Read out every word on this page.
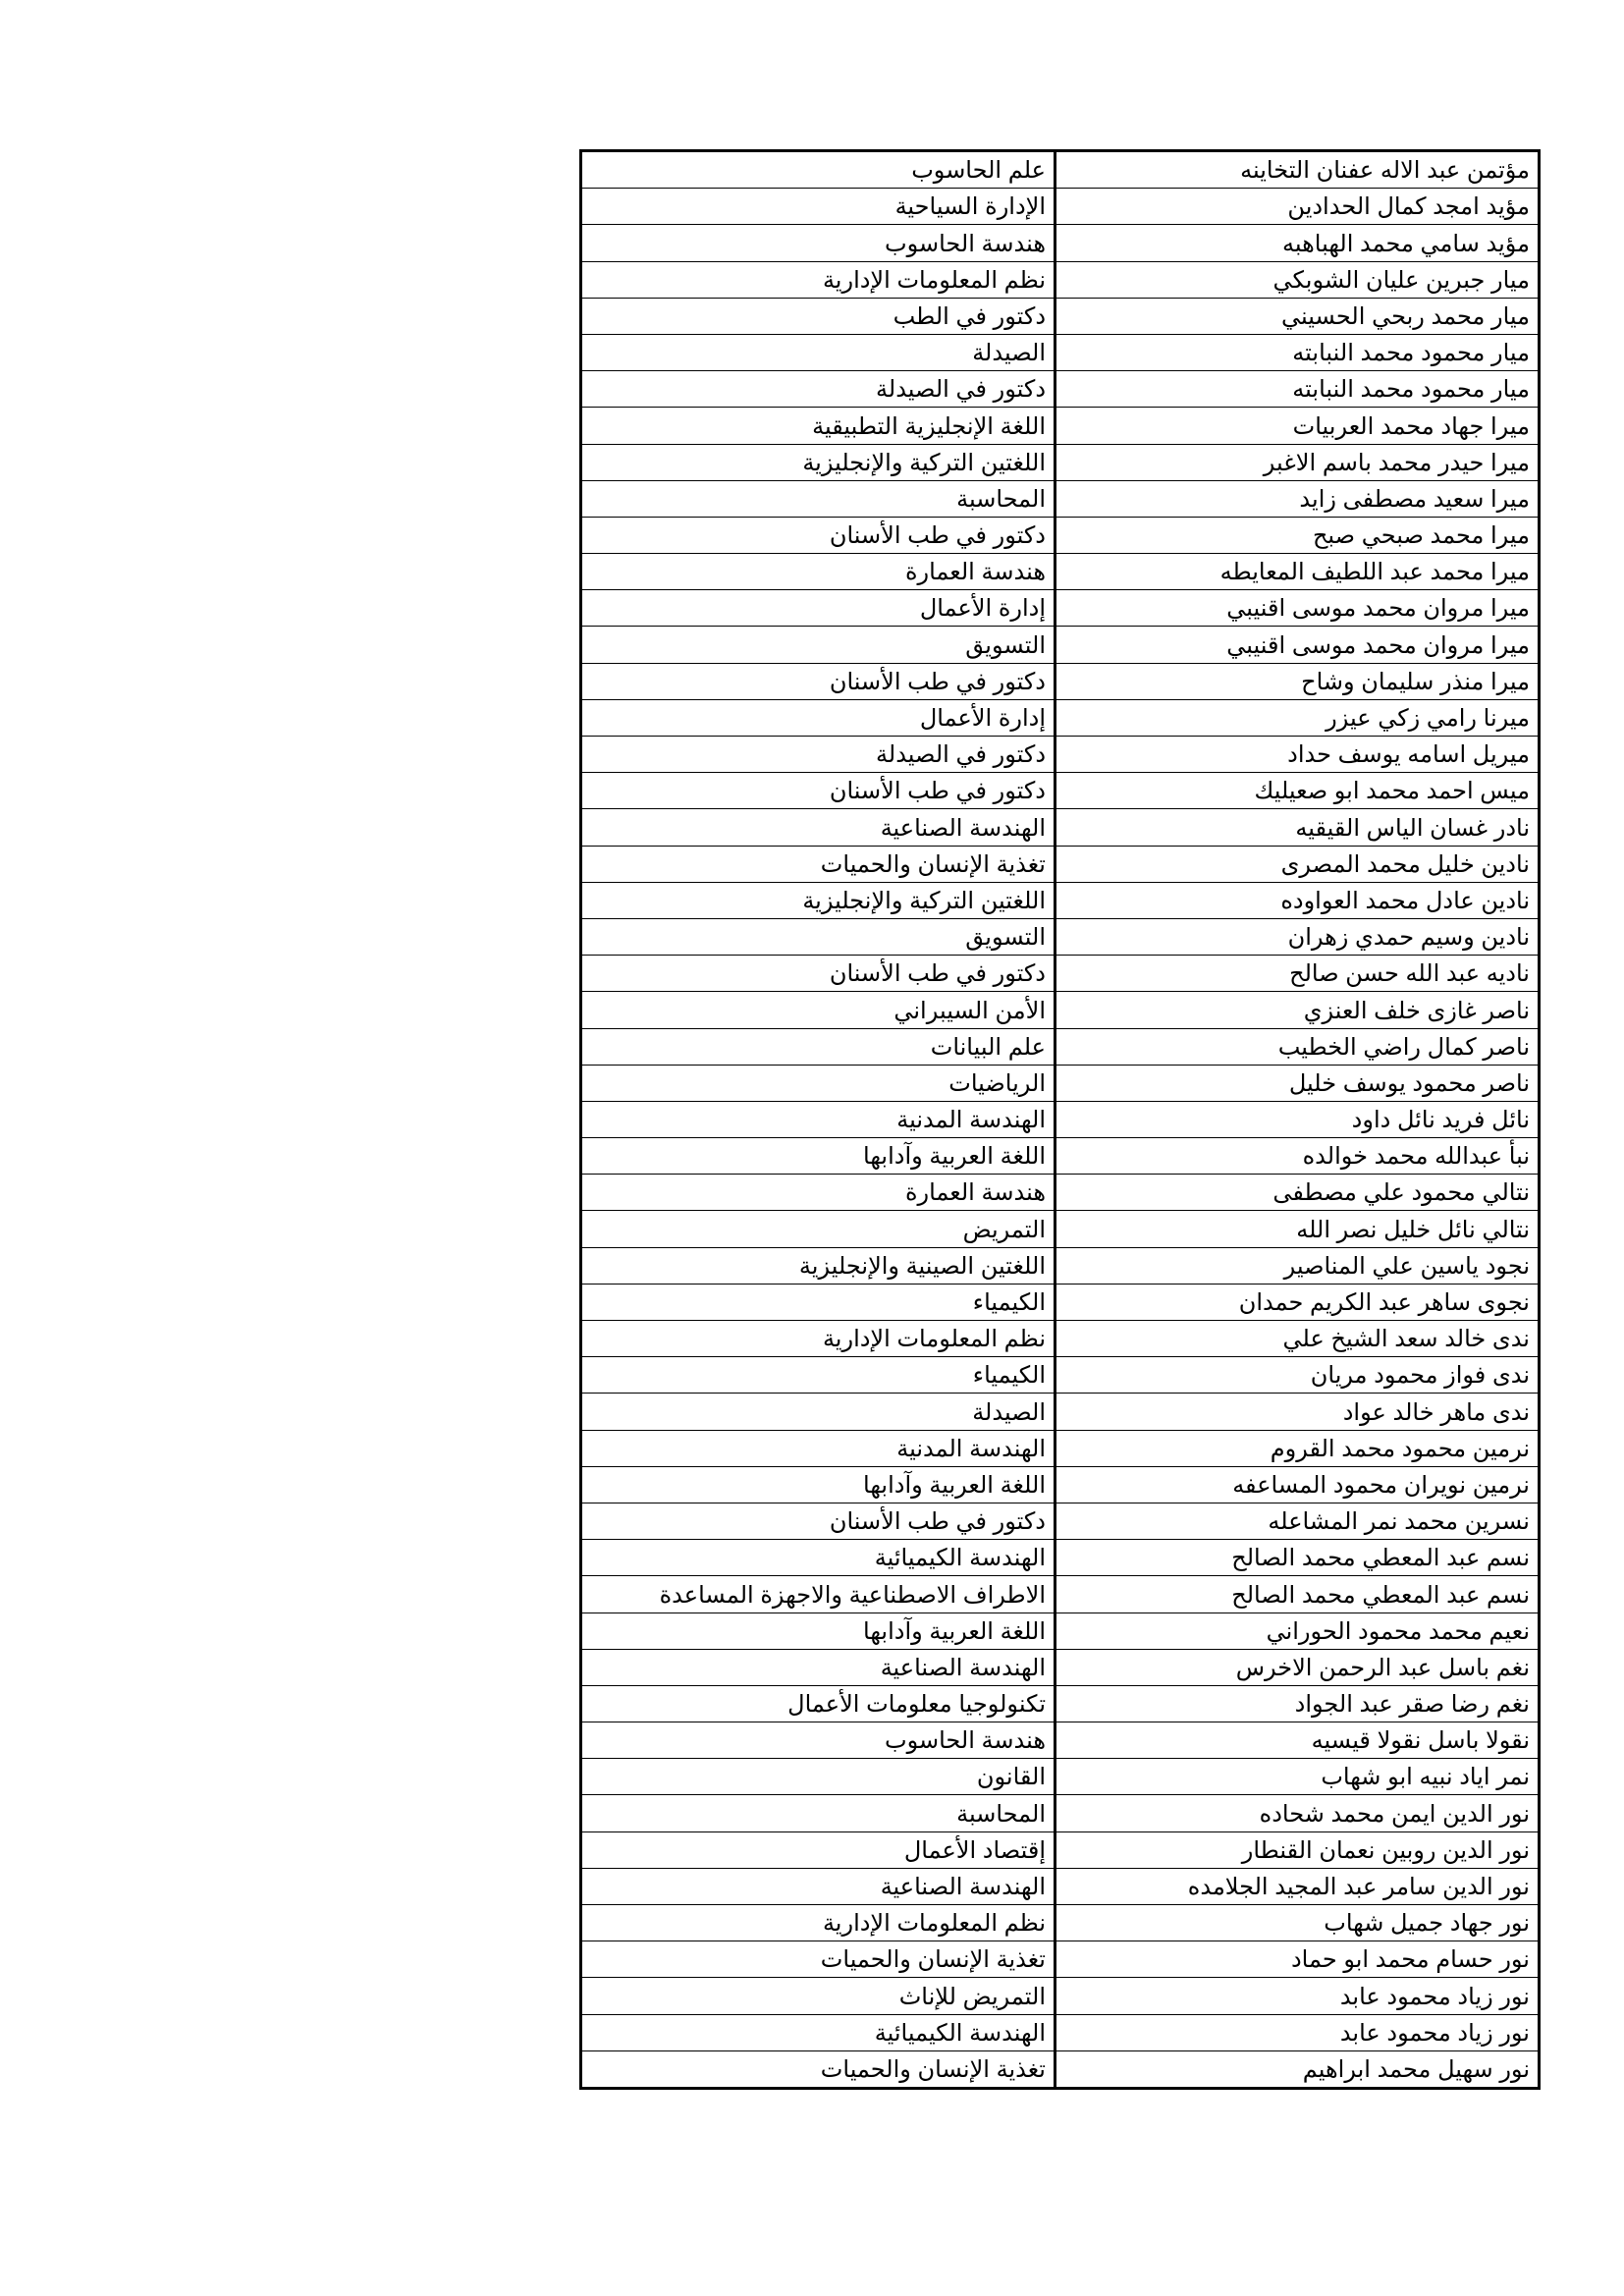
مؤتمن عبد الاله عفنان التخاينه	علم الحاسوب
مؤيد امجد كمال الحدادين	الإدارة السياحية
مؤيد سامي محمد الهباهبه	هندسة الحاسوب
ميار جبرين عليان الشوبكي	نظم المعلومات الإدارية
ميار محمد ربحي الحسيني	دكتور في الطب
ميار محمود محمد النبابته	الصيدلة
ميار محمود محمد النبابته	دكتور في الصيدلة
ميرا جهاد محمد العربيات	اللغة الإنجليزية التطبيقية
ميرا حيدر محمد باسم الاغبر	اللغتين التركية والإنجليزية
ميرا سعيد مصطفى زايد	المحاسبة
ميرا محمد صبحي صبح	دكتور في طب الأسنان
ميرا محمد عبد اللطيف المعايطه	هندسة العمارة
ميرا مروان محمد موسى اقنيبي	إدارة الأعمال
ميرا مروان محمد موسى اقنيبي	التسويق
ميرا منذر سليمان وشاح	دكتور في طب الأسنان
ميرنا رامي زكي عيزر	إدارة الأعمال
ميريل اسامه يوسف حداد	دكتور في الصيدلة
ميس احمد محمد ابو صعيليك	دكتور في طب الأسنان
نادر غسان الياس القيقيه	الهندسة الصناعية
نادين خليل محمد المصرى	تغذية الإنسان والحميات
نادين عادل محمد العواوده	اللغتين التركية والإنجليزية
نادين وسيم حمدي زهران	التسويق
ناديه عبد الله حسن صالح	دكتور في طب الأسنان
ناصر غازى خلف العنزي	الأمن السيبراني
ناصر كمال راضي الخطيب	علم البيانات
ناصر محمود يوسف خليل	الرياضيات
نائل فريد نائل داود	الهندسة المدنية
نبأ عبدالله محمد خوالده	اللغة العربية وآدابها
نتالي محمود علي مصطفى	هندسة العمارة
نتالي نائل خليل نصر الله	التمريض
نجود ياسين علي المناصير	اللغتين الصينية والإنجليزية
نجوى ساهر عبد الكريم حمدان	الكيمياء
ندى خالد سعد الشيخ علي	نظم المعلومات الإدارية
ندى فواز محمود مريان	الكيمياء
ندى ماهر خالد عواد	الصيدلة
نرمين محمود محمد القروم	الهندسة المدنية
نرمين نويران محمود المساعفه	اللغة العربية وآدابها
نسرين محمد نمر المشاعله	دكتور في طب الأسنان
نسم عبد المعطي محمد الصالح	الهندسة الكيميائية
نسم عبد المعطي محمد الصالح	الاطراف الاصطناعية والاجهزة المساعدة
نعيم محمد محمود الحوراني	اللغة العربية وآدابها
نغم باسل عبد الرحمن الاخرس	الهندسة الصناعية
نغم رضا صقر عبد الجواد	تكنولوجيا معلومات الأعمال
نقولا باسل نقولا قيسيه	هندسة الحاسوب
نمر اياد نبيه ابو شهاب	القانون
نور الدين ايمن محمد شحاده	المحاسبة
نور الدين روبين نعمان القنطار	إقتصاد الأعمال
نور الدين سامر عبد المجيد الجلامده	الهندسة الصناعية
نور جهاد جميل شهاب	نظم المعلومات الإدارية
نور حسام محمد ابو حماد	تغذية الإنسان والحميات
نور زياد محمود عابد	التمريض للإناث
نور زياد محمود عابد	الهندسة الكيميائية
نور سهيل محمد ابراهيم	تغذية الإنسان والحميات
